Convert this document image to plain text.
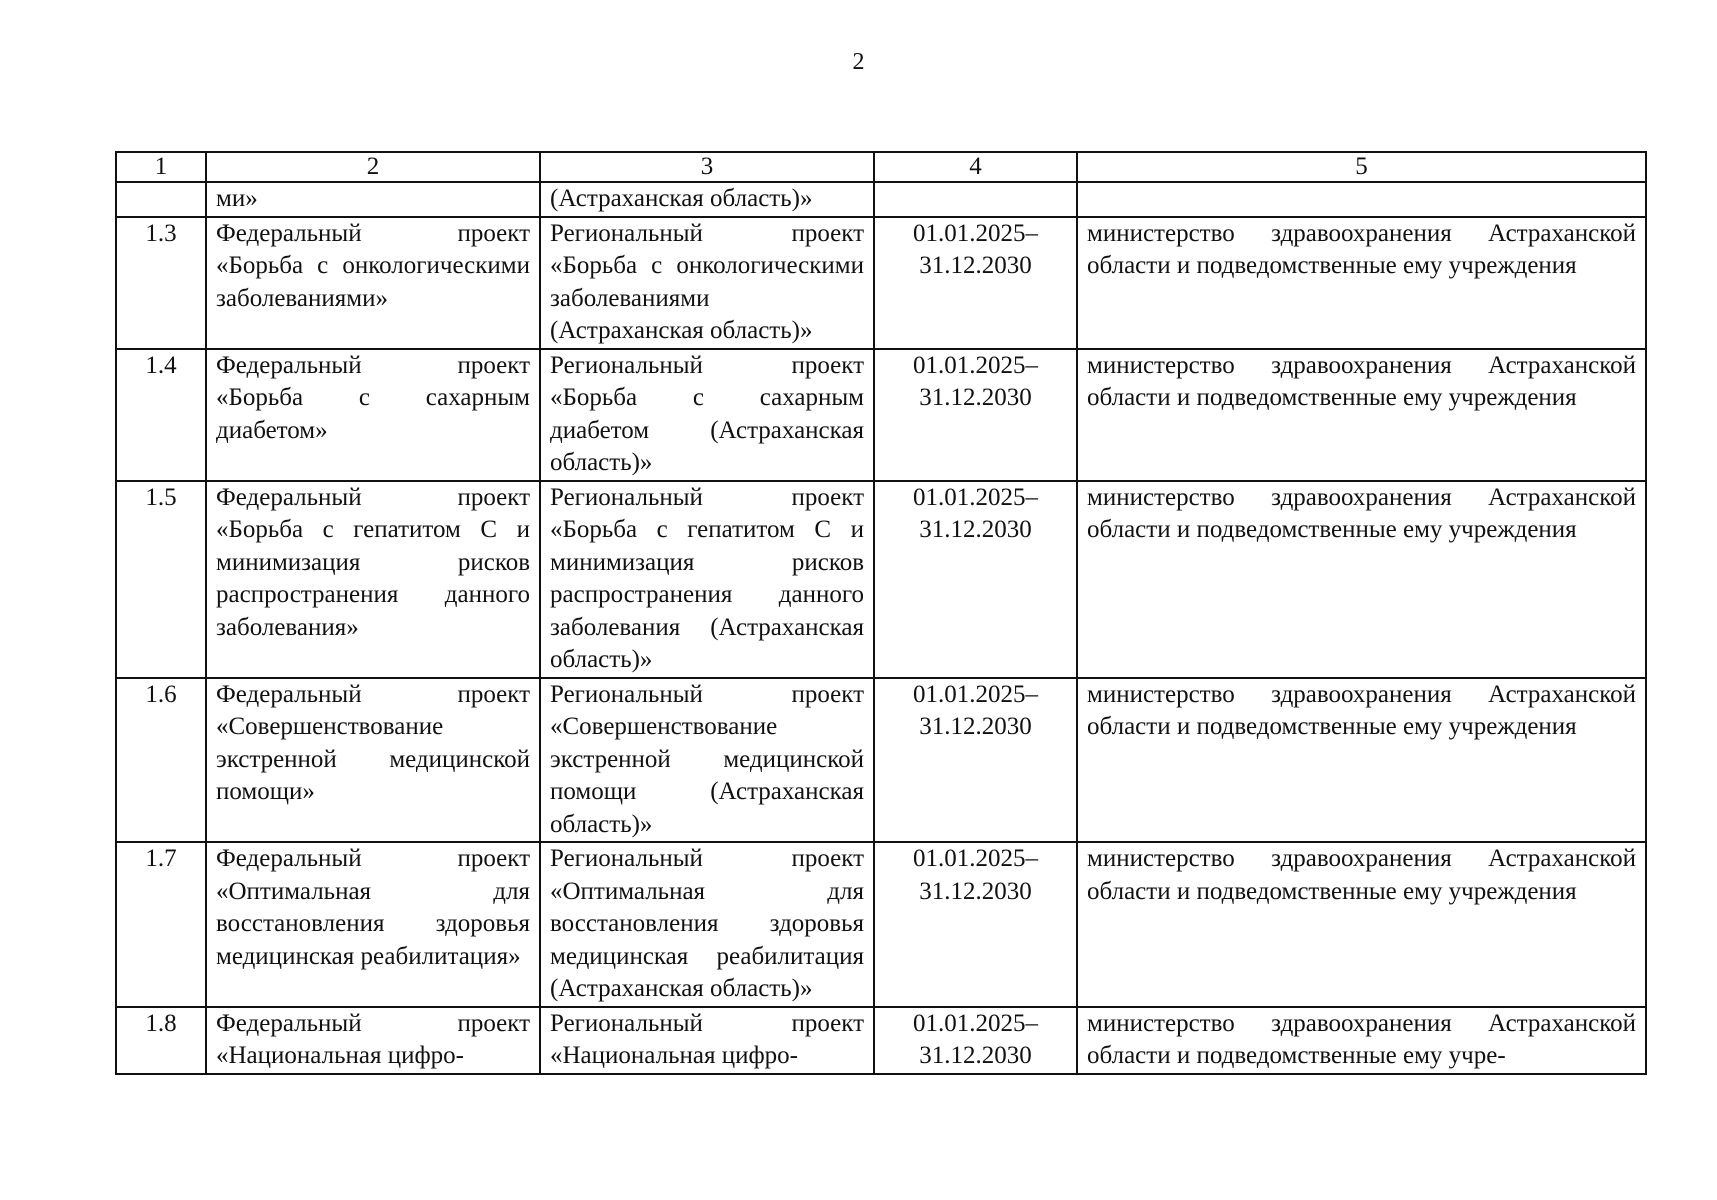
2
1	2	3	4	5
	ми»	(Астраханская область)»		
1.3	Федеральный проект «Борьба с онкологическими заболеваниями»	Региональный проект «Борьба с онкологическими заболеваниями (Астраханская область)»	01.01.2025– 31.12.2030	министерство здравоохранения Астраханской области и подведомственные ему учреждения
1.4	Федеральный проект «Борьба с сахарным диабетом»	Региональный проект «Борьба с сахарным диабетом (Астраханская область)»	01.01.2025– 31.12.2030	министерство здравоохранения Астраханской области и подведомственные ему учреждения
1.5	Федеральный проект «Борьба с гепатитом С и минимизация рисков распространения данного заболевания»	Региональный проект «Борьба с гепатитом С и минимизация рисков распространения данного заболевания (Астраханская область)»	01.01.2025– 31.12.2030	министерство здравоохранения Астраханской области и подведомственные ему учреждения
1.6	Федеральный проект «Совершенствование экстренной медицинской помощи»	Региональный проект «Совершенствование экстренной медицинской помощи (Астраханская область)»	01.01.2025– 31.12.2030	министерство здравоохранения Астраханской области и подведомственные ему учреждения
1.7	Федеральный проект «Оптимальная для восстановления здоровья медицинская реабилитация»	Региональный проект «Оптимальная для восстановления здоровья медицинская реабилитация (Астраханская область)»	01.01.2025– 31.12.2030	министерство здравоохранения Астраханской области и подведомственные ему учреждения
1.8	Федеральный проект «Национальная цифро-	Региональный проект «Национальная цифро-	01.01.2025– 31.12.2030	министерство здравоохранения Астраханской области и подведомственные ему учре-
